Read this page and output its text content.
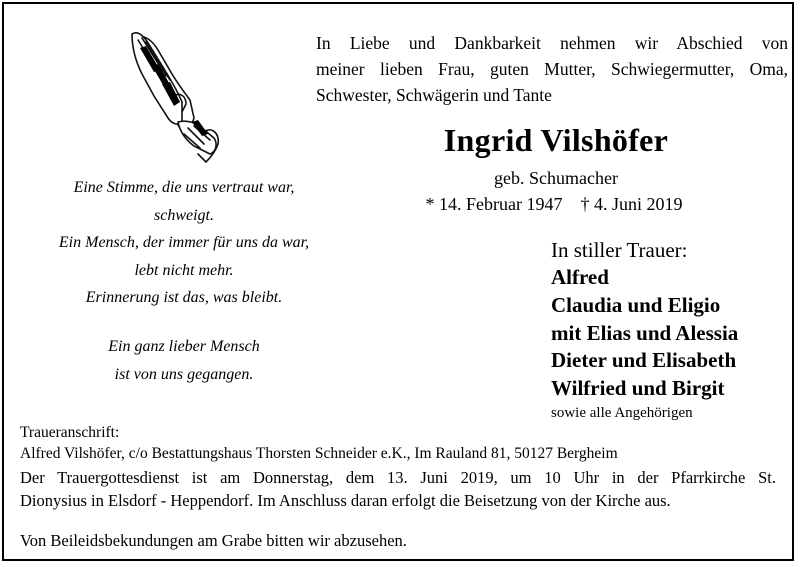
In Liebe und Dankbarkeit nehmen wir Abschied von
meiner lieben Frau, guten Mutter, Schwiegermutter, Oma,
Schwester, Schwägerin und Tante
Ingrid Vilshöfer
geb. Schumacher
* 14. Februar 1947    † 4. Juni 2019
Eine Stimme, die uns vertraut war,
schweigt.
Ein Mensch, der immer für uns da war,
lebt nicht mehr.
Erinnerung ist das, was bleibt.
Ein ganz lieber Mensch
ist von uns gegangen.
In stiller Trauer:
Alfred
Claudia und Eligio
mit Elias und Alessia
Dieter und Elisabeth
Wilfried und Birgit
sowie alle Angehörigen
Traueranschrift:
Alfred Vilshöfer, c/o Bestattungshaus Thorsten Schneider e.K., Im Rauland 81, 50127 Bergheim
Der Trauergottesdienst ist am Donnerstag, dem 13. Juni 2019, um 10 Uhr in der Pfarrkirche St.
Dionysius in Elsdorf - Heppendorf. Im Anschluss daran erfolgt die Beisetzung von der Kirche aus.
Von Beileidsbekundungen am Grabe bitten wir abzusehen.
